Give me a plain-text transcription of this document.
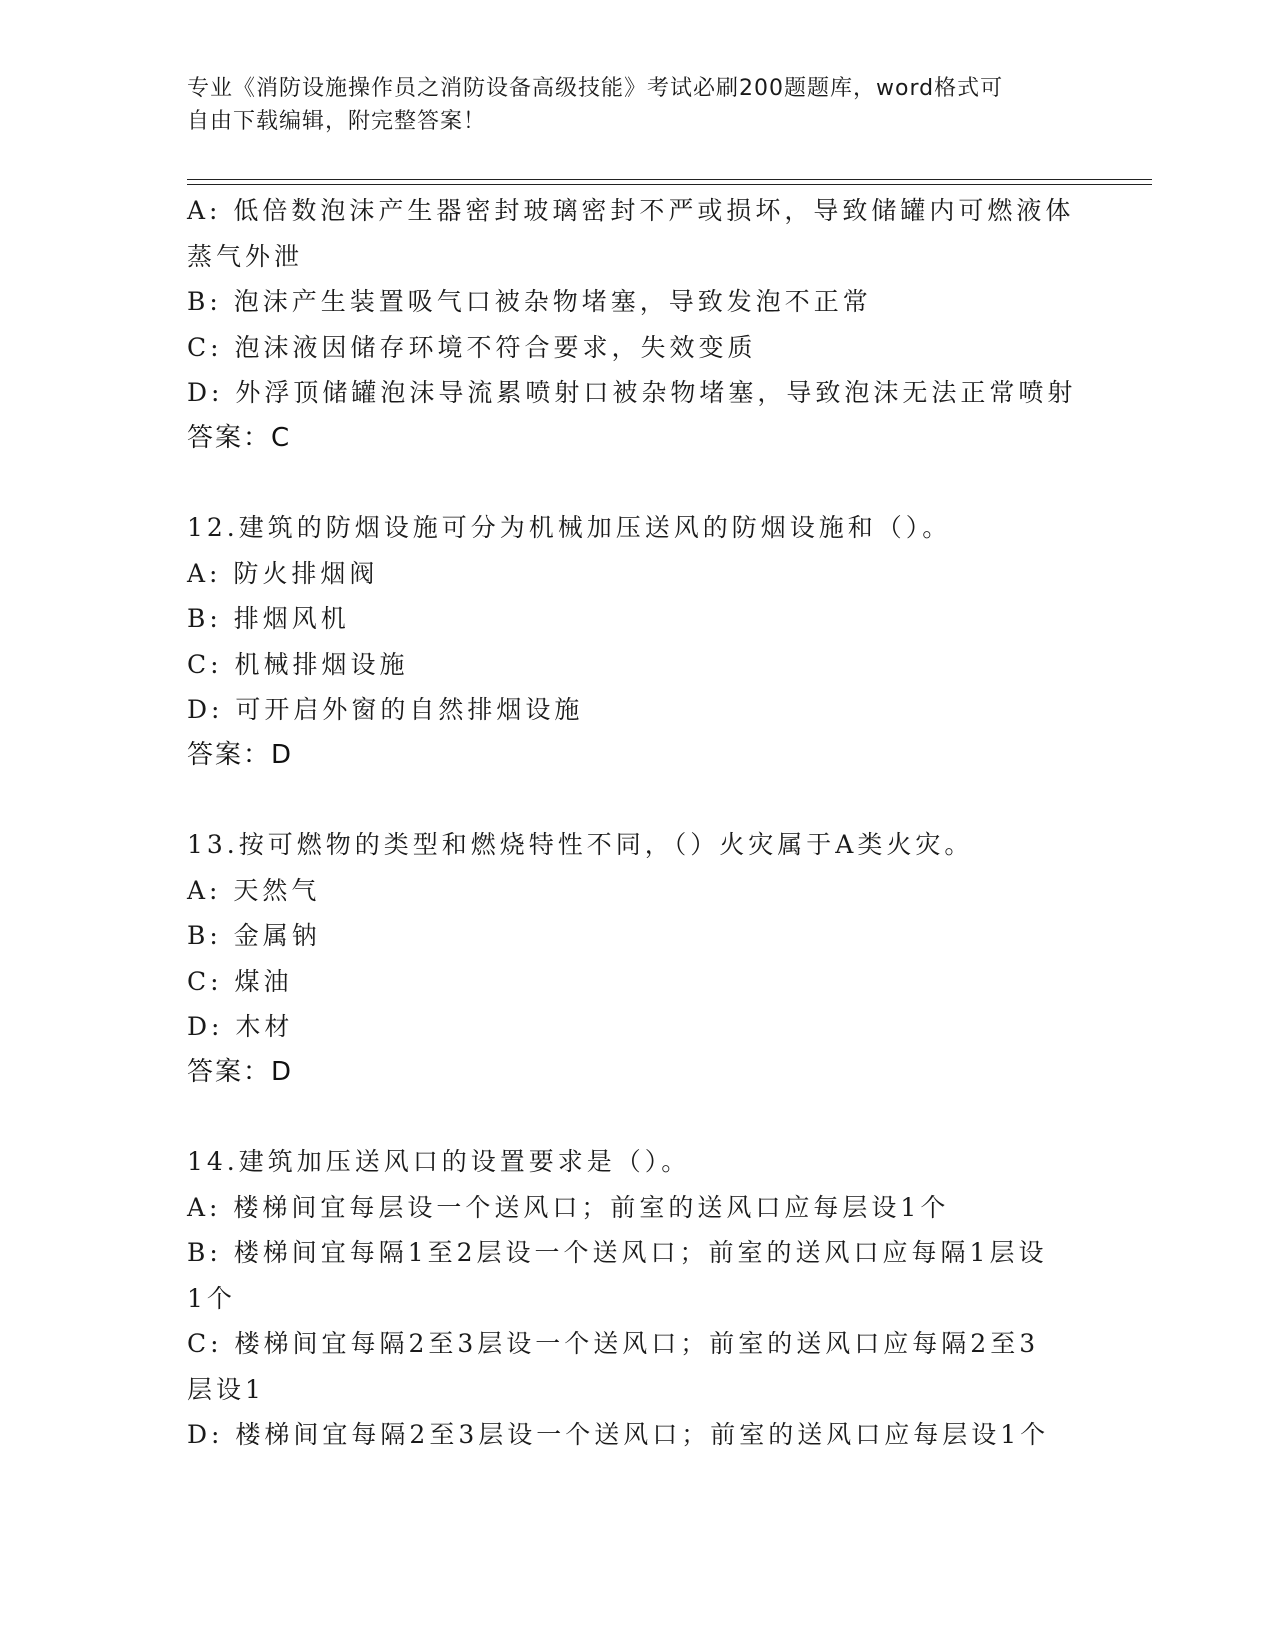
专业《消防设施操作员之消防设备高级技能》考试必刷200题题库，word格式可
自由下载编辑，附完整答案！
A: 低倍数泡沫产生器密封玻璃密封不严或损坏，导致储罐内可燃液体
蒸气外泄
B: 泡沫产生装置吸气口被杂物堵塞，导致发泡不正常
C: 泡沫液因储存环境不符合要求，失效变质
D: 外浮顶储罐泡沫导流累喷射口被杂物堵塞，导致泡沫无法正常喷射
答案：C
12.建筑的防烟设施可分为机械加压送风的防烟设施和（）。
A: 防火排烟阀
B: 排烟风机
C: 机械排烟设施
D: 可开启外窗的自然排烟设施
答案：D
13.按可燃物的类型和燃烧特性不同，（）火灾属于A类火灾。
A: 天然气
B: 金属钠
C: 煤油
D: 木材
答案：D
14.建筑加压送风口的设置要求是（）。
A: 楼梯间宜每层设一个送风口；前室的送风口应每层设1个
B: 楼梯间宜每隔1至2层设一个送风口；前室的送风口应每隔1层设
1个
C: 楼梯间宜每隔2至3层设一个送风口；前室的送风口应每隔2至3
层设1
D: 楼梯间宜每隔2至3层设一个送风口；前室的送风口应每层设1个
